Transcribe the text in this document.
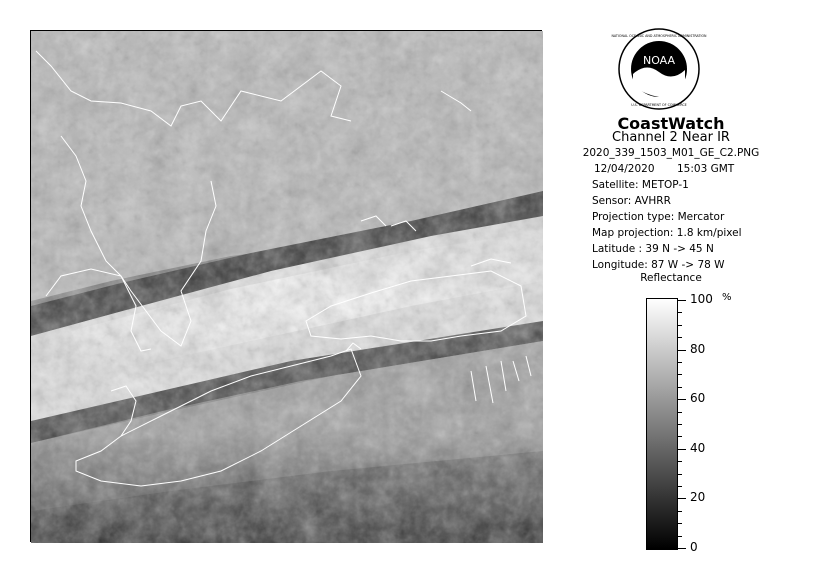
NOAA
NATIONAL OCEANIC AND ATMOSPHERIC ADMINISTRATION
U.S. DEPARTMENT OF COMMERCE
CoastWatch
Channel 2 Near IR
2020_339_1503_M01_GE_C2.PNG
12/04/2020 15:03 GMT
Satellite: METOP-1
Sensor: AVHRR
Projection type: Mercator
Map projection: 1.8 km/pixel
Latitude : 39 N -> 45 N
Longitude: 87 W -> 78 W
Reflectance
%
100
80
60
40
20
0
